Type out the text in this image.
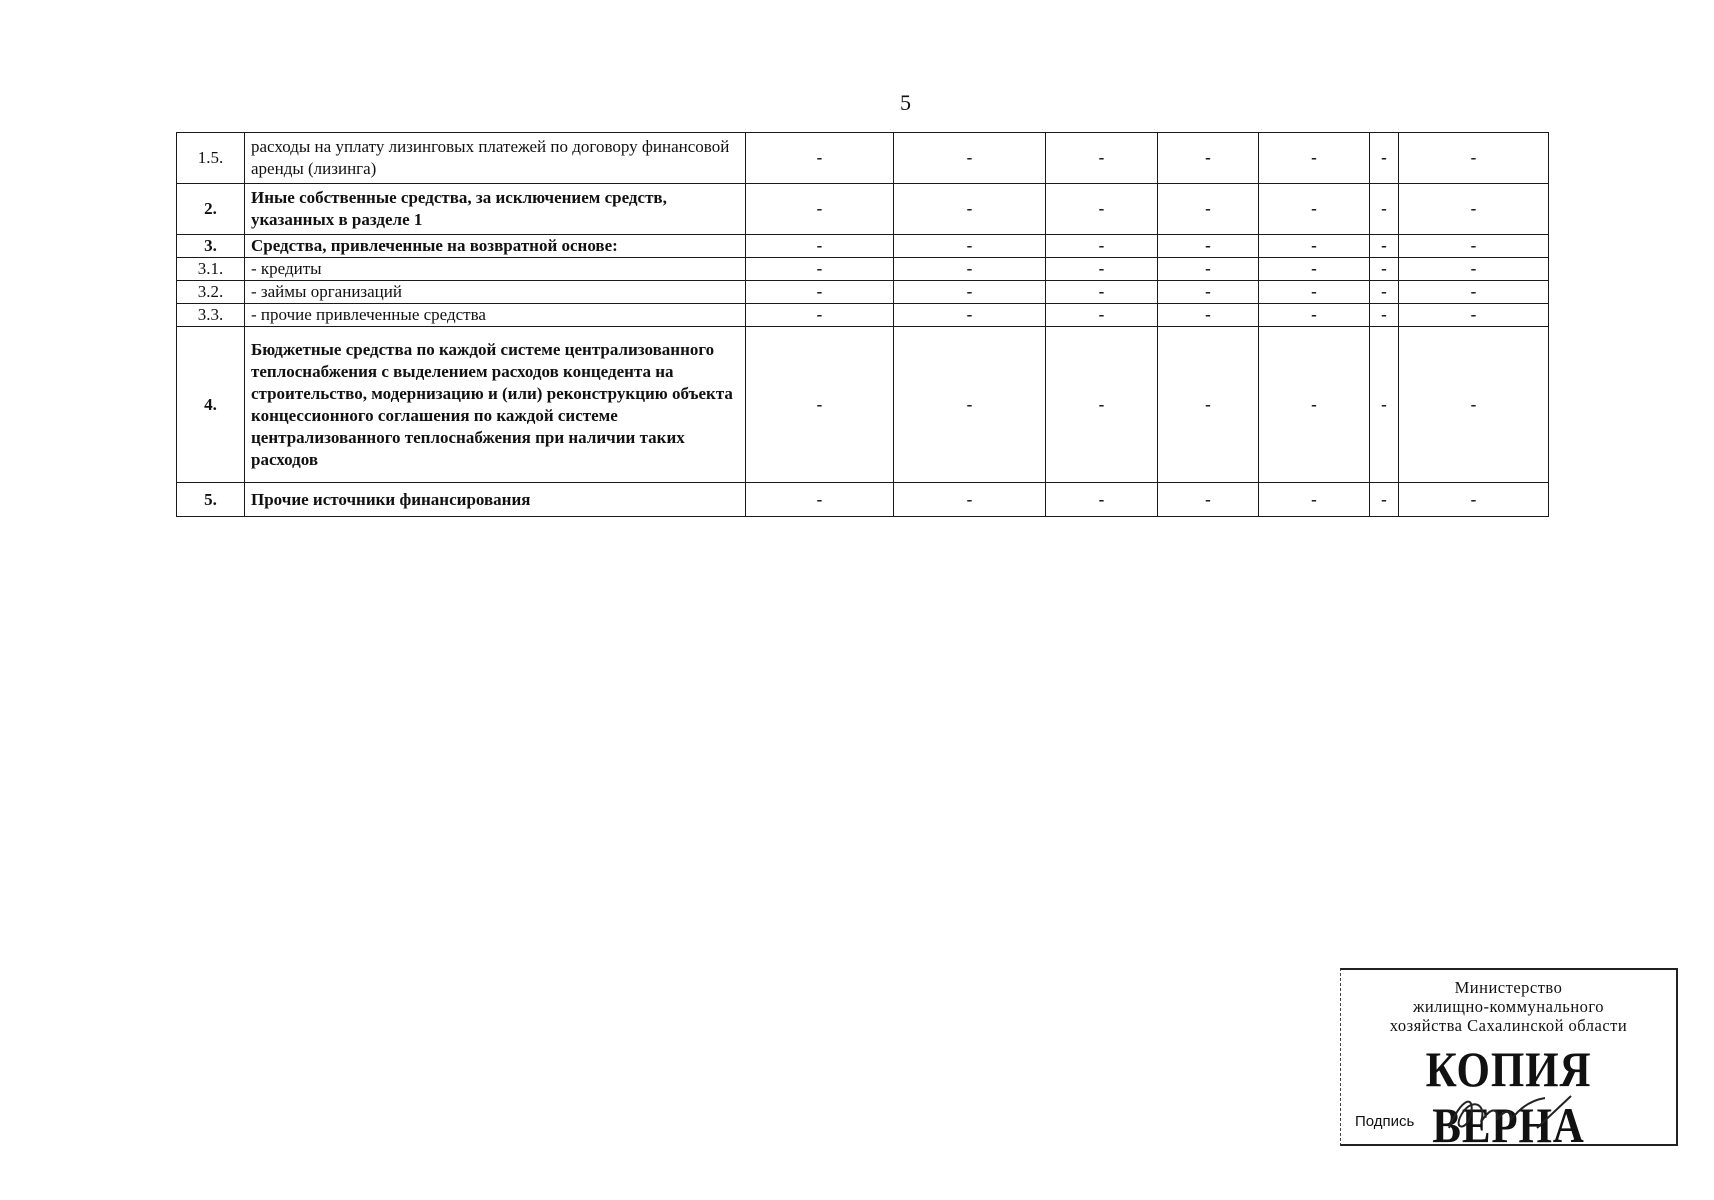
5
1.5.	расходы на уплату лизинговых платежей по договору финансовой аренды (лизинга)	-	-	-	-	-	-	-
2.	Иные собственные средства, за исключением средств, указанных в разделе 1	-	-	-	-	-	-	-
3.	Средства, привлеченные на возвратной основе:	-	-	-	-	-	-	-
3.1.	- кредиты	-	-	-	-	-	-	-
3.2.	- займы организаций	-	-	-	-	-	-	-
3.3.	- прочие привлеченные средства	-	-	-	-	-	-	-
4.	Бюджетные средства по каждой системе централизованного теплоснабжения с выделением расходов концедента на строительство, модернизацию и (или) реконструкцию объекта концессионного соглашения по каждой системе централизованного теплоснабжения при наличии таких расходов	-	-	-	-	-	-	-
5.	Прочие источники финансирования	-	-	-	-	-	-	-
Министерство
жилищно-коммунального
хозяйства Сахалинской области
КОПИЯ ВЕРНА
Подпись
